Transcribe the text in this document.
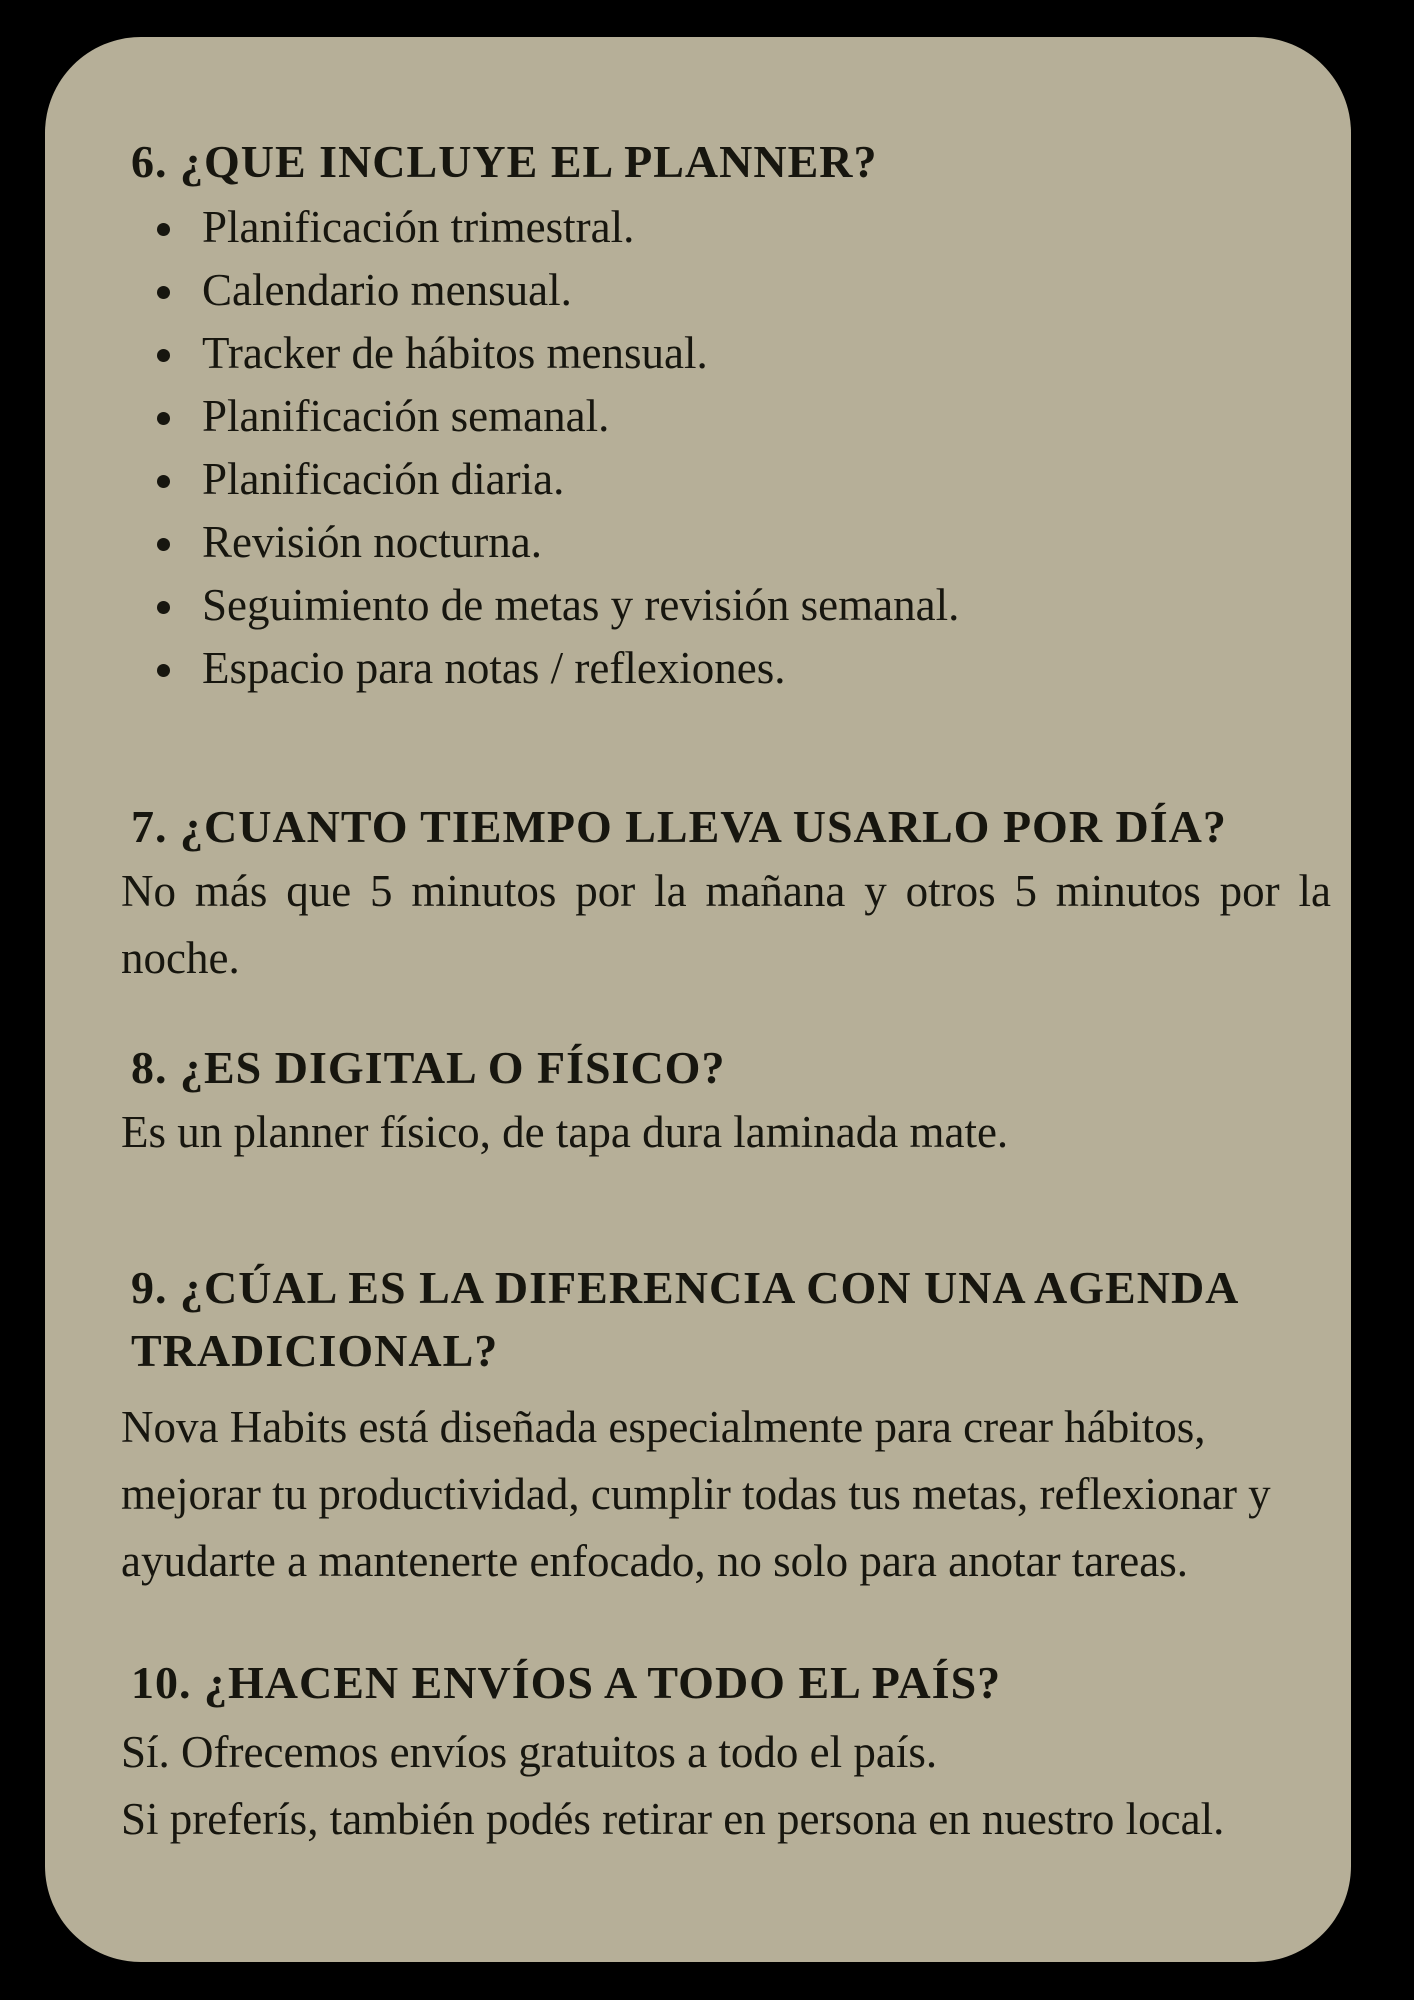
6. ¿QUE INCLUYE EL PLANNER?
Planificación trimestral.
Calendario mensual.
Tracker de hábitos mensual.
Planificación semanal.
Planificación diaria.
Revisión nocturna.
Seguimiento de metas y revisión semanal.
Espacio para notas / reflexiones.
7. ¿CUANTO TIEMPO LLEVA USARLO POR DÍA?

No más que 5 minutos por la mañana y otros 5 minutos por la
noche.

8. ¿ES DIGITAL O FÍSICO?

Es un planner físico, de tapa dura laminada mate.

9. ¿CÚAL ES LA DIFERENCIA CON UNA AGENDA
TRADICIONAL?

Nova Habits está diseñada especialmente para crear hábitos,
mejorar tu productividad, cumplir todas tus metas, reflexionar y
ayudarte a mantenerte enfocado, no solo para anotar tareas.

10. ¿HACEN ENVÍOS A TODO EL PAÍS?

Sí. Ofrecemos envíos gratuitos a todo el país.
Si preferís, también podés retirar en persona en nuestro local.
